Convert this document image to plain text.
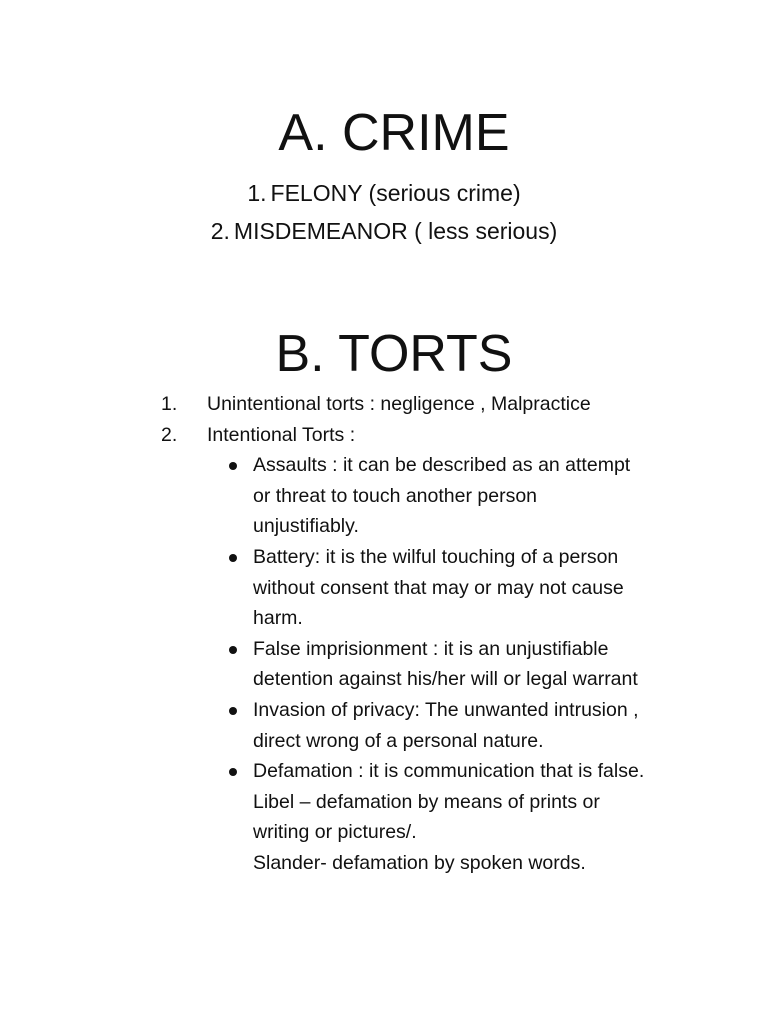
A. CRIME
1. FELONY (serious crime)
2. MISDEMEANOR ( less serious)
B. TORTS
1. Unintentional torts : negligence , Malpractice
2. Intentional Torts :
Assaults : it can be described as an attempt
or threat to touch another person
unjustifiably.
Battery: it is the wilful touching of a person
without consent that may or may not cause
harm.
False imprisionment : it is an unjustifiable
detention against his/her will or legal warrant
Invasion of privacy: The unwanted intrusion ,
direct wrong of a personal nature.
Defamation : it is communication that is false.
Libel – defamation by means of prints or
writing or pictures/.
Slander- defamation by spoken words.
